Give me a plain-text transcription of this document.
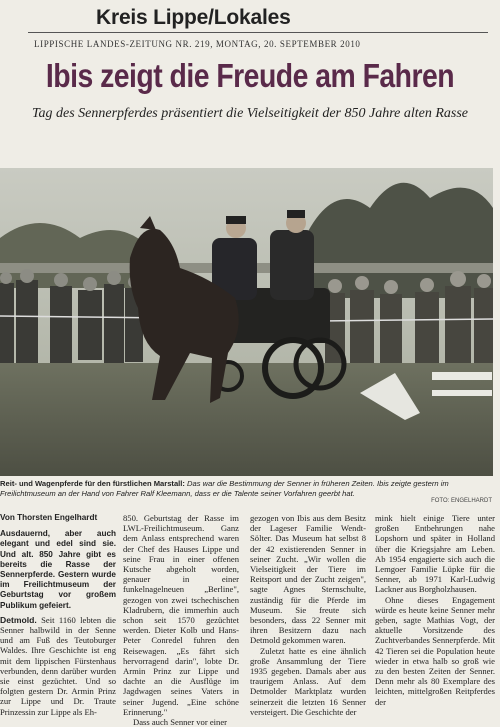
Kreis Lippe/Lokales
LIPPISCHE LANDES-ZEITUNG NR. 219, MONTAG, 20. SEPTEMBER 2010
Ibis zeigt die Freude am Fahren
Tag des Sennerpferdes präsentiert die Vielseitigkeit der 850 Jahre alten Rasse
Reit- und Wagenpferde für den fürstlichen Marstall: Das war die Bestimmung der Senner in früheren Zeiten. Ibis zeigte gestern im Freilichtmuseum an der Hand von Fahrer Ralf Kleemann, dass er die Talente seiner Vorfahren geerbt hat.
FOTO: ENGELHARDT

Von Thorsten Engelhardt

Ausdauernd, aber auch elegant und edel sind sie. Und alt. 850 Jahre gibt es bereits die Rasse der Sennerpferde. Gestern wurde im Freilichtmuseum der Geburtstag vor großem Publikum gefeiert.

Detmold. Seit 1160 lebten die Senner halbwild in der Senne und am Fuß des Teutoburger Waldes. Ihre Geschichte ist eng mit dem lippischen Fürstenhaus verbunden, denn darüber wurden sie einst gezüchtet. Und so folgten gestern Dr. Armin Prinz zur Lippe und Dr. Traute Prinzessin zur Lippe als Eh-

850. Geburtstag der Rasse im LWL-Freilichtmuseum. Ganz dem Anlass entsprechend waren der Chef des Hauses Lippe und seine Frau in einer offenen Kutsche abgeholt worden, genauer in einer funkelnagelneuen „Berline", gezogen von zwei tschechischen Kladrubern, die immerhin auch schon seit 1570 gezüchtet werden. Dieter Kolb und Hans-Peter Conredel fuhren den Reisewagen. „Es fährt sich hervorragend darin", lobte Dr. Armin Prinz zur Lippe und dachte an die Ausflüge im Jagdwagen seines Vaters in seiner Jugend. „Eine schöne Erinnerung."

Dass auch Senner vor einer

gezogen von Ibis aus dem Besitz der Lageser Familie Wendt-Sölter. Das Museum hat selbst 8 der 42 existierenden Senner in seiner Zucht. „Wir wollen die Vielseitigkeit der Tiere im Reitsport und der Zucht zeigen", sagte Agnes Sternschulte, zuständig für die Pferde im Museum. Sie freute sich besonders, dass 22 Senner mit ihren Besitzern dazu nach Detmold gekommen waren.

Zuletzt hatte es eine ähnlich große Ansammlung der Tiere 1935 gegeben. Damals aber aus traurigem Anlass. Auf dem Detmolder Marktplatz wurden seinerzeit die letzten 16 Senner versteigert. Die Geschichte der

mink hielt einige Tiere unter großen Entbehrungen nahe Lopshorn und später in Holland über die Kriegsjahre am Leben. Ab 1954 engagierte sich auch die Lemgoer Familie Lüpke für die Senner, ab 1971 Karl-Ludwig Lackner aus Borgholzhausen.

Ohne dieses Engagement würde es heute keine Senner mehr geben, sagte Mathias Vogt, der aktuelle Vorsitzende des Zuchtverbandes Sennerpferde. Mit 42 Tieren sei die Population heute wieder in etwa halb so groß wie zu den besten Zeiten der Senner. Denn mehr als 80 Exemplare des leichten, mittelgroßen Reitpferdes der
